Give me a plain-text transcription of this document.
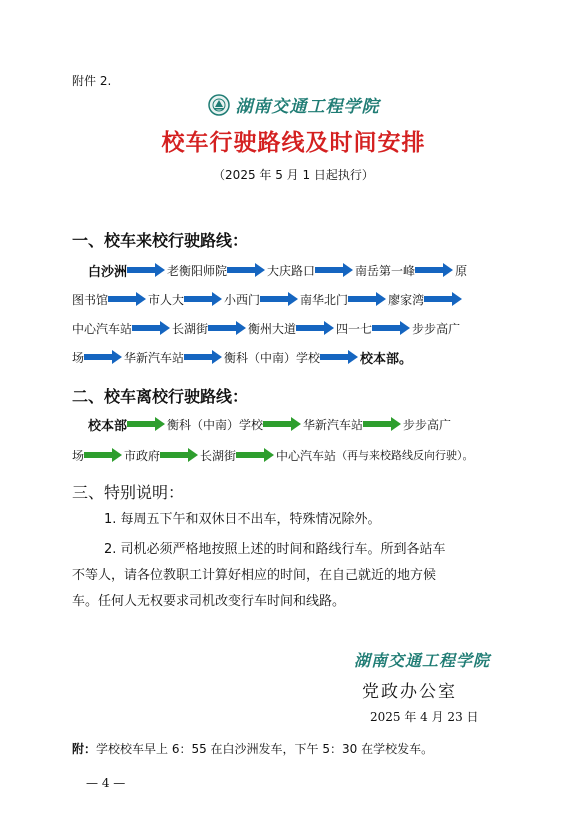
附件 2.
湖南交通工程学院
校车行驶路线及时间安排
（2025 年 5 月 1 日起执行）
一、校车来校行驶路线：
白沙洲	老衡阳师院	大庆路口	南岳第一峰	原
图书馆	市人大	小西门	南华北门	廖家湾
中心汽车站	长湖街	衡州大道	四一七	步步高广
场	华新汽车站	衡科（中南）学校	校本部。
二、校车离校行驶路线：
校本部	衡科（中南）学校	华新汽车站	步步高广
场	市政府	长湖街	中心汽车站 （再与来校路线反向行驶）。
三、特别说明：
1. 每周五下午和双休日不出车，特殊情况除外。
2. 司机必须严格地按照上述的时间和路线行车。所到各站车
不等人，请各位教职工计算好相应的时间，在自己就近的地方候
车。任何人无权要求司机改变行车时间和线路。
湖南交通工程学院
党政办公室
2025 年 4 月 23 日
附：学校校车早上 6：55 在白沙洲发车，下午 5：30 在学校发车。
— 4 —
